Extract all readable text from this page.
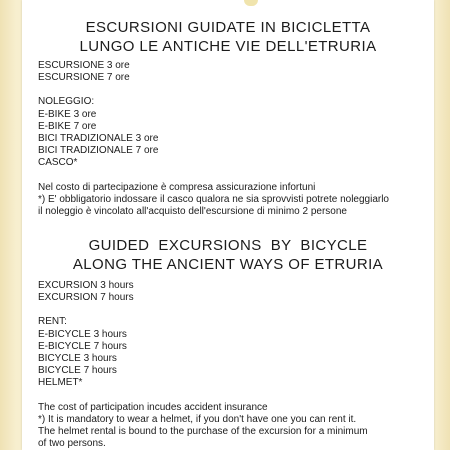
ESCURSIONI GUIDATE IN BICICLETTA

LUNGO LE ANTICHE VIE DELL'ETRURIA

ESCURSIONE 3 ore
ESCURSIONE 7 ore
NOLEGGIO:
E-BIKE 3 ore
E-BIKE 7 ore
BICI TRADIZIONALE 3 ore
BICI TRADIZIONALE 7 ore
CASCO*
Nel costo di partecipazione è compresa assicurazione infortuni
*) E' obbligatorio indossare il casco qualora ne sia sprovvisti potrete noleggiarlo
il noleggio è vincolato all'acquisto dell'escursione di minimo 2 persone

GUIDED  EXCURSIONS  BY  BICYCLE

ALONG THE ANCIENT WAYS OF ETRURIA

EXCURSION 3 hours
EXCURSION 7 hours
RENT:
E-BICYCLE 3 hours
E-BICYCLE 7 hours
BICYCLE 3 hours
BICYCLE 7 hours
HELMET*
The cost of participation incudes accident insurance
*) It is mandatory to wear a helmet, if you don't have one you can rent it.
The helmet rental is bound to the purchase of the excursion for a minimum
of two persons.
